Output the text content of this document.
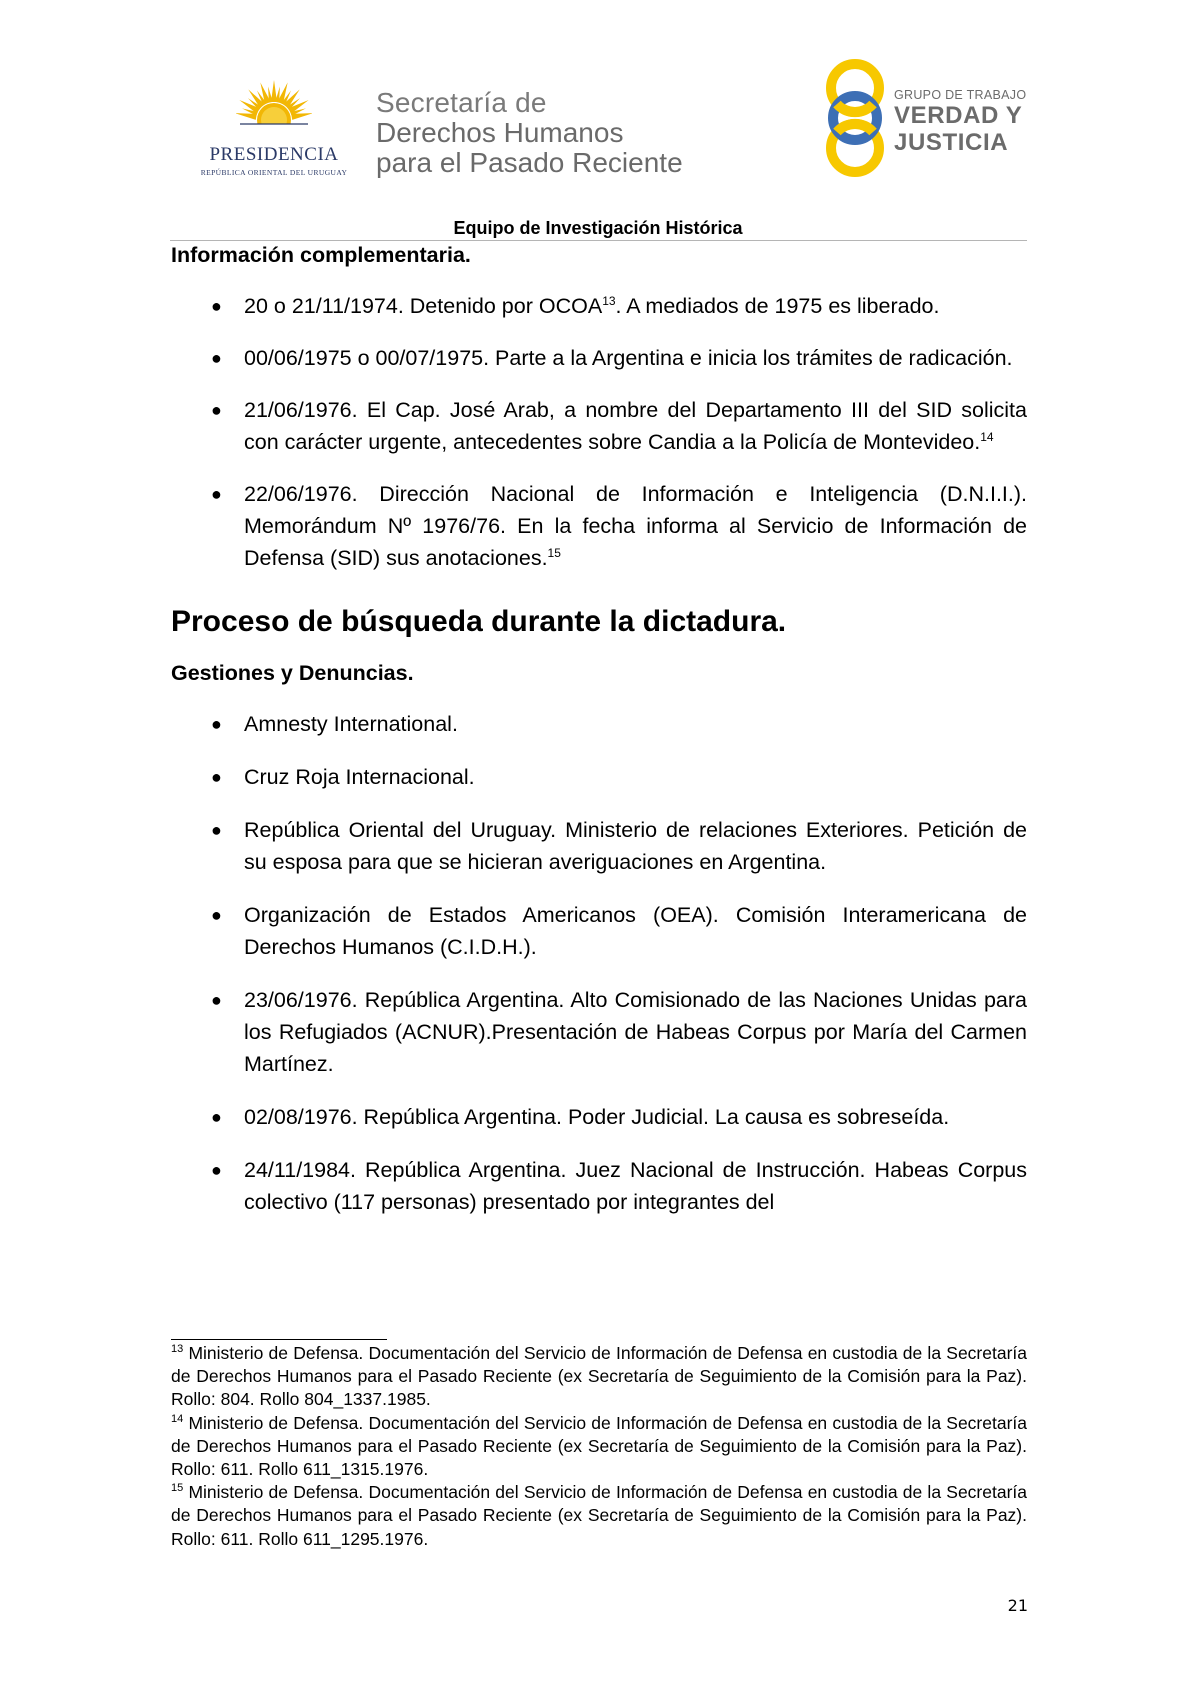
PRESIDENCIA
REPÚBLICA ORIENTAL DEL URUGUAY
Secretaría de
Derechos Humanos
para el Pasado Reciente
GRUPO DE TRABAJO
VERDAD Y
JUSTICIA
Equipo de Investigación Histórica

Información complementaria.

● 20 o 21/11/1974. Detenido por OCOA$^{13}$. A mediados de 1975 es liberado.
● 00/06/1975 o 00/07/1975. Parte a la Argentina e inicia los trámites de radicación.
● 21/06/1976. El Cap. José Arab, a nombre del Departamento III del SID solicita con carácter urgente, antecedentes sobre Candia a la Policía de Montevideo.$^{14}$
● 22/06/1976. Dirección Nacional de Información e Inteligencia (D.N.I.I.). Memorándum Nº 1976/76. En la fecha informa al Servicio de Información de Defensa (SID) sus anotaciones.$^{15}$
Proceso de búsqueda durante la dictadura.

Gestiones y Denuncias.

● Amnesty International.
● Cruz Roja Internacional.
● República Oriental del Uruguay. Ministerio de relaciones Exteriores. Petición de su esposa para que se hicieran averiguaciones en Argentina.
● Organización de Estados Americanos (OEA). Comisión Interamericana de Derechos Humanos (C.I.D.H.).
● 23/06/1976. República Argentina. Alto Comisionado de las Naciones Unidas para los Refugiados (ACNUR).Presentación de Habeas Corpus por María del Carmen Martínez.
● 02/08/1976. República Argentina. Poder Judicial. La causa es sobreseída.
● 24/11/1984. República Argentina. Juez Nacional de Instrucción. Habeas Corpus colectivo (117 personas) presentado por integrantes del

$^{13}$ Ministerio de Defensa. Documentación del Servicio de Información de Defensa en custodia de la Secretaría de Derechos Humanos para el Pasado Reciente (ex Secretaría de Seguimiento de la Comisión para la Paz). Rollo: 804. Rollo 804_1337.1985.

$^{14}$ Ministerio de Defensa. Documentación del Servicio de Información de Defensa en custodia de la Secretaría de Derechos Humanos para el Pasado Reciente (ex Secretaría de Seguimiento de la Comisión para la Paz). Rollo: 611. Rollo 611_1315.1976.

$^{15}$ Ministerio de Defensa. Documentación del Servicio de Información de Defensa en custodia de la Secretaría de Derechos Humanos para el Pasado Reciente (ex Secretaría de Seguimiento de la Comisión para la Paz). Rollo: 611. Rollo 611_1295.1976.

21
